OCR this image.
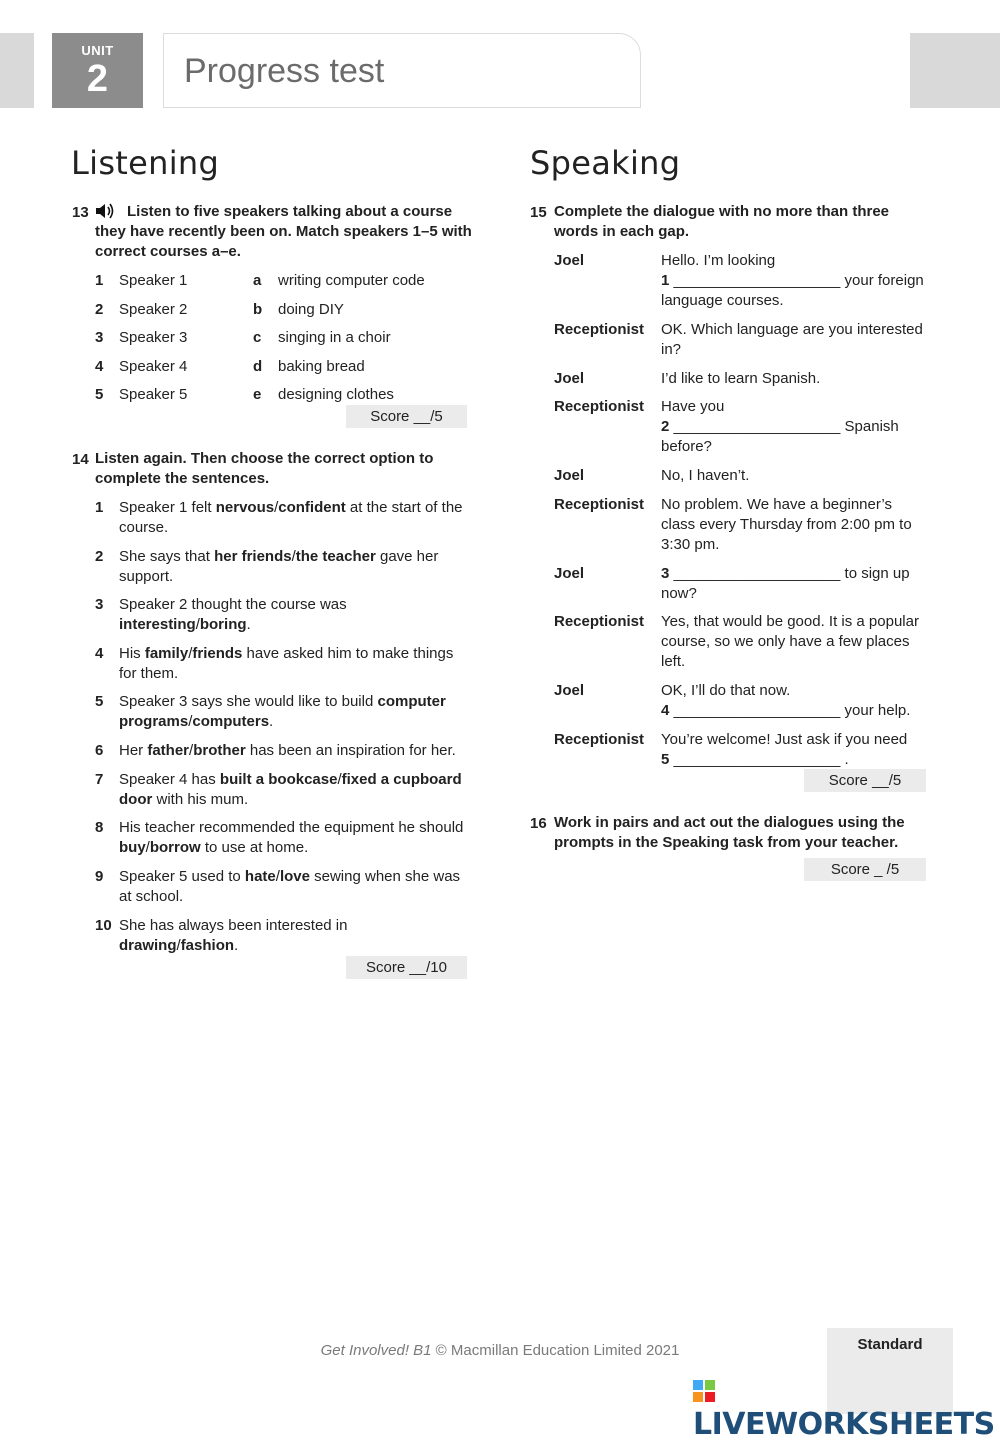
UNIT
2	Progress test
Listening
13	Listen to five speakers talking about a course they have recently been on. Match speakers 1–5 with correct courses a–e.
1 Speaker 1	a writing computer code
2 Speaker 2	b doing DIY
3 Speaker 3	c singing in a choir
4 Speaker 4	d baking bread
5 Speaker 5	e designing clothes
Score __/5
14 Listen again. Then choose the correct option to complete the sentences.
1 Speaker 1 felt nervous/confident at the start of the
course.
2 She says that her friends/the teacher gave her
support.
3 Speaker 2 thought the course was
interesting/boring.
4 His family/friends have asked him to make things
for them.
5 Speaker 3 says she would like to build computer programs/computers.
6 Her father/brother has been an inspiration for her.
7 Speaker 4 has built a bookcase/fixed a cupboard door with his mum.
8 His teacher recommended the equipment he should
buy/borrow to use at home.
9 Speaker 5 used to hate/love sewing when she was
at school.
10 She has always been interested in
drawing/fashion.
Score __/10
Speaking
15 Complete the dialogue with no more than three words in each gap.
Joel	Hello. I’m looking
1 ____________________ your foreign
language courses.
Receptionist OK. Which language are you interested
in?
Joel	I’d like to learn Spanish.
Receptionist Have you
2 ____________________ Spanish
before?
Joel	No, I haven’t.
Receptionist No problem. We have a beginner’s
class every Thursday from 2:00 pm to
3:30 pm.
Joel	3 ____________________ to sign up
now?
Receptionist Yes, that would be good. It is a popular
course, so we only have a few places
left.
Joel	OK, I’ll do that now.
4 ____________________ your help.
Receptionist You’re welcome! Just ask if you need
5 ____________________ .
Score __/5
16 Work in pairs and act out the dialogues using the prompts in the Speaking task from your teacher.
Score _ /5
Get Involved! B1 © Macmillan Education Limited 2021	Standard
LIVEWORKSHEETS
